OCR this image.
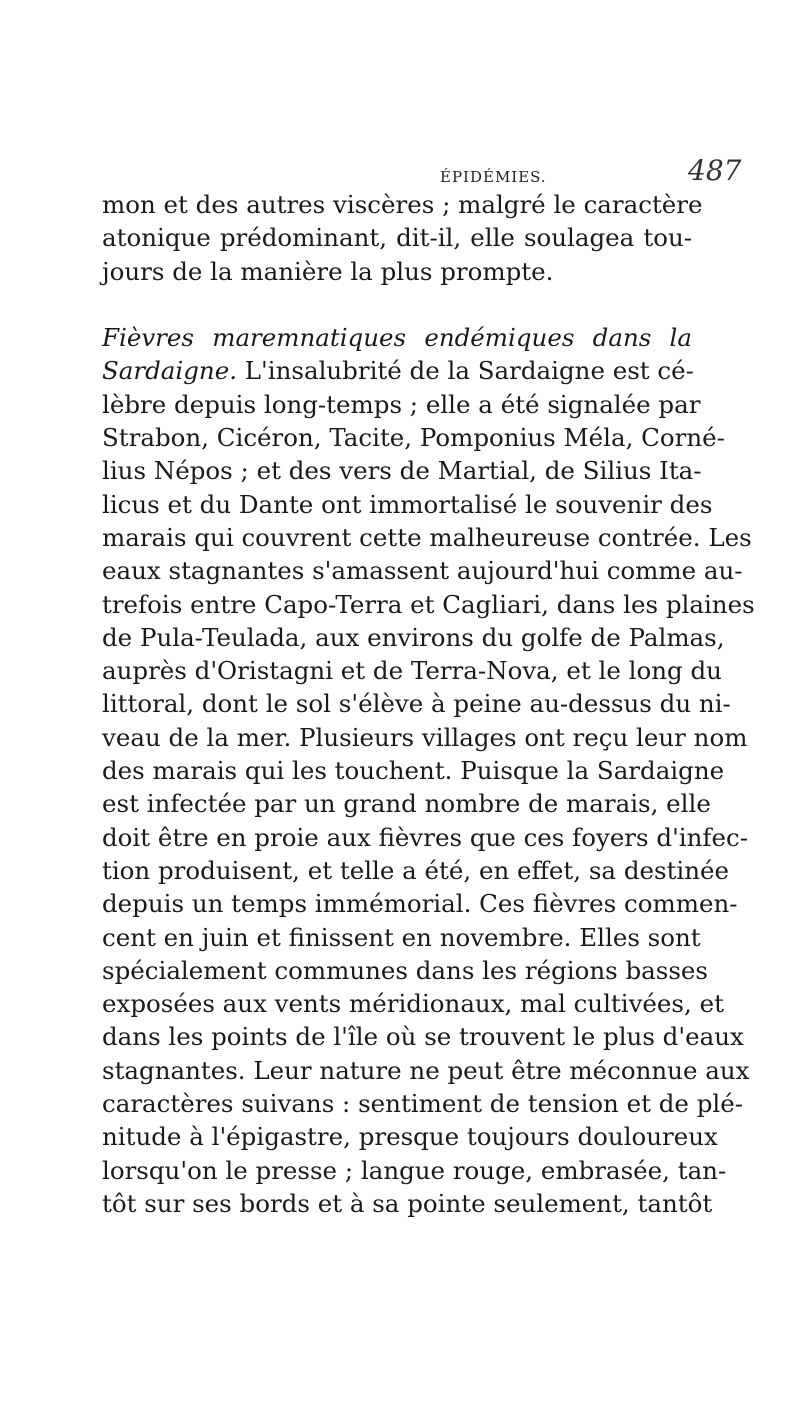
ÉPIDÉMIES.	487
mon et des autres viscères ; malgré le caractère
atonique prédominant, dit-il, elle soulagea tou-
jours de la manière la plus prompte.
Fièvres maremnatiques endémiques dans la
Sardaigne. L'insalubrité de la Sardaigne est cé-
lèbre depuis long-temps ; elle a été signalée par
Strabon, Cicéron, Tacite, Pomponius Méla, Corné-
lius Népos ; et des vers de Martial, de Silius Ita-
licus et du Dante ont immortalisé le souvenir des
marais qui couvrent cette malheureuse contrée. Les
eaux stagnantes s'amassent aujourd'hui comme au-
trefois entre Capo-Terra et Cagliari, dans les plaines
de Pula-Teulada, aux environs du golfe de Palmas,
auprès d'Oristagni et de Terra-Nova, et le long du
littoral, dont le sol s'élève à peine au-dessus du ni-
veau de la mer. Plusieurs villages ont reçu leur nom
des marais qui les touchent. Puisque la Sardaigne
est infectée par un grand nombre de marais, elle
doit être en proie aux fièvres que ces foyers d'infec-
tion produisent, et telle a été, en effet, sa destinée
depuis un temps immémorial. Ces fièvres commen-
cent en juin et finissent en novembre. Elles sont
spécialement communes dans les régions basses
exposées aux vents méridionaux, mal cultivées, et
dans les points de l'île où se trouvent le plus d'eaux
stagnantes. Leur nature ne peut être méconnue aux
caractères suivans : sentiment de tension et de plé-
nitude à l'épigastre, presque toujours douloureux
lorsqu'on le presse ; langue rouge, embrasée, tan-
tôt sur ses bords et à sa pointe seulement, tantôt
